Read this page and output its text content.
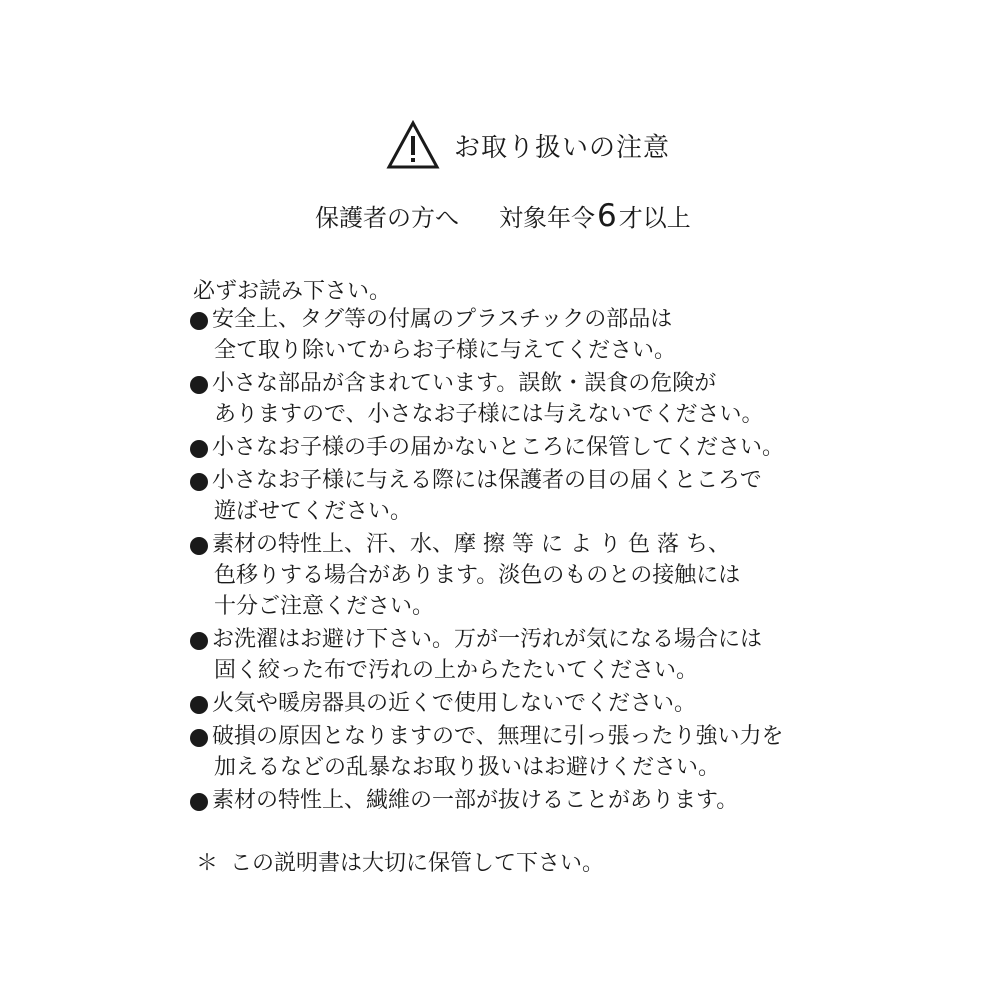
お取り扱いの注意
保護者の方へ 対象年令 6 才以上
必ずお読み下さい。
安全上、タグ等の付属のプラスチックの部品は
全て取り除いてからお子様に与えてください。
小さな部品が含まれています。誤飲・誤食の危険が
ありますので、小さなお子様には与えないでください。
小さなお子様の手の届かないところに保管してください。
小さなお子様に与える際には保護者の目の届くところで
遊ばせてください。
素材の特性上、汗、水、摩 擦 等 に よ り 色 落 ち、
色移りする場合があります。淡色のものとの接触には
十分ご注意ください。
お洗濯はお避け下さい。万が一汚れが気になる場合には
固く絞った布で汚れの上からたたいてください。
火気や暖房器具の近くで使用しないでください。
破損の原因となりますので、無理に引っ張ったり強い力を
加えるなどの乱暴なお取り扱いはお避けください。
素材の特性上、繊維の一部が抜けることがあります。
＊ この説明書は大切に保管して下さい。
